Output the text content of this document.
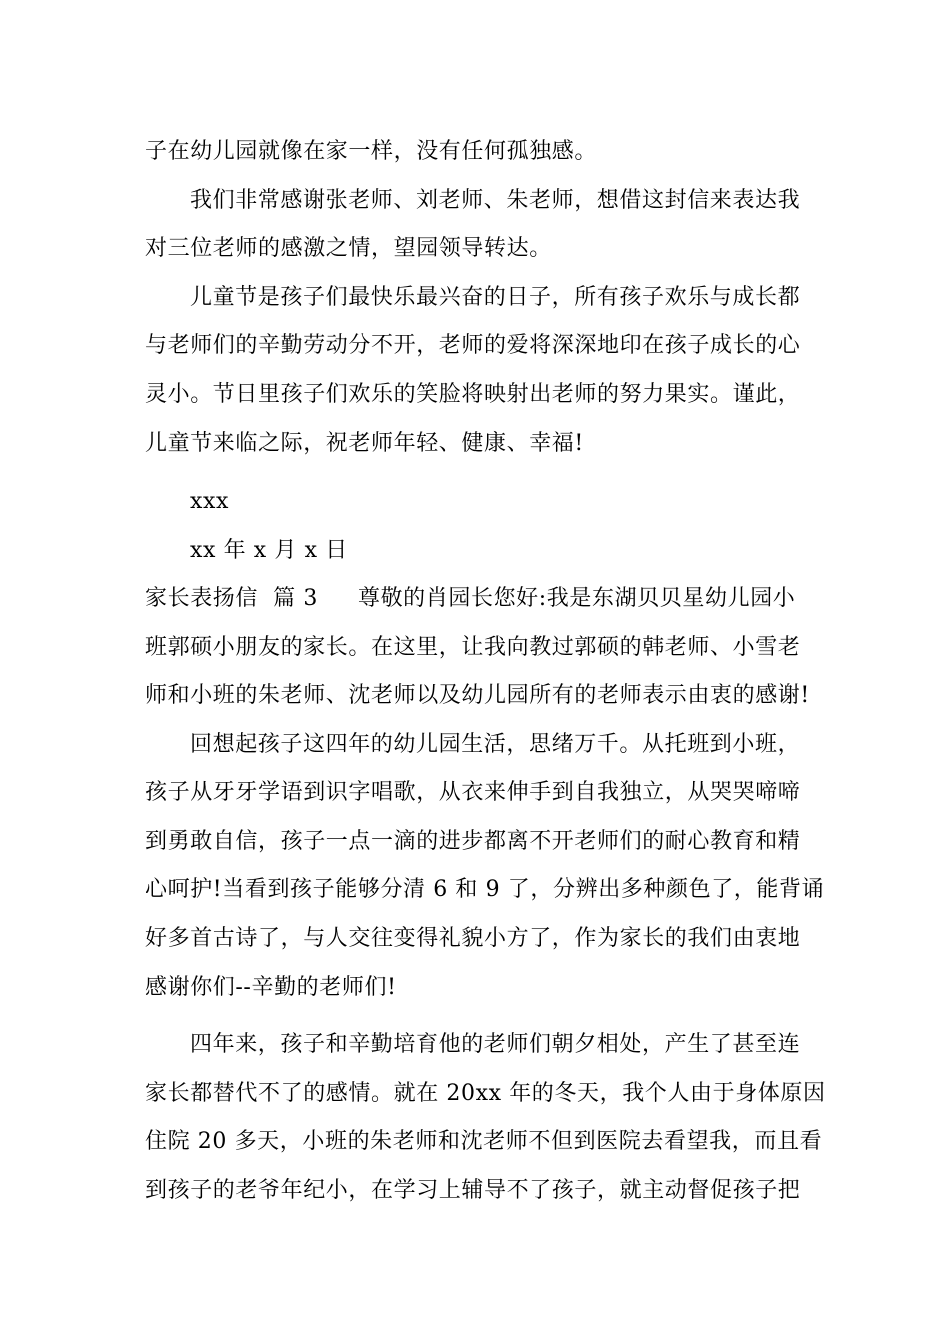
子在幼儿园就像在家一样，没有任何孤独感。
我们非常感谢张老师、刘老师、朱老师，想借这封信来表达我
对三位老师的感激之情，望园领导转达。
儿童节是孩子们最快乐最兴奋的日子，所有孩子欢乐与成长都
与老师们的辛勤劳动分不开，老师的爱将深深地印在孩子成长的心
灵小。节日里孩子们欢乐的笑脸将映射出老师的努力果实。谨此，
儿童节来临之际，祝老师年轻、健康、幸福!
xxx
xx 年 x 月 x 日
家长表扬信  篇 3 尊敬的肖园长您好:我是东湖贝贝星幼儿园小
班郭硕小朋友的家长。在这里，让我向教过郭硕的韩老师、小雪老
师和小班的朱老师、沈老师以及幼儿园所有的老师表示由衷的感谢!
回想起孩子这四年的幼儿园生活，思绪万千。从托班到小班，
孩子从牙牙学语到识字唱歌，从衣来伸手到自我独立，从哭哭啼啼
到勇敢自信，孩子一点一滴的进步都离不开老师们的耐心教育和精
心呵护!当看到孩子能够分清 6 和 9 了，分辨出多种颜色了，能背诵
好多首古诗了，与人交往变得礼貌小方了，作为家长的我们由衷地
感谢你们--辛勤的老师们!
四年来，孩子和辛勤培育他的老师们朝夕相处，产生了甚至连
家长都替代不了的感情。就在 20xx 年的冬天，我个人由于身体原因
住院 20 多天，小班的朱老师和沈老师不但到医院去看望我，而且看
到孩子的老爷年纪小，在学习上辅导不了孩子，就主动督促孩子把
